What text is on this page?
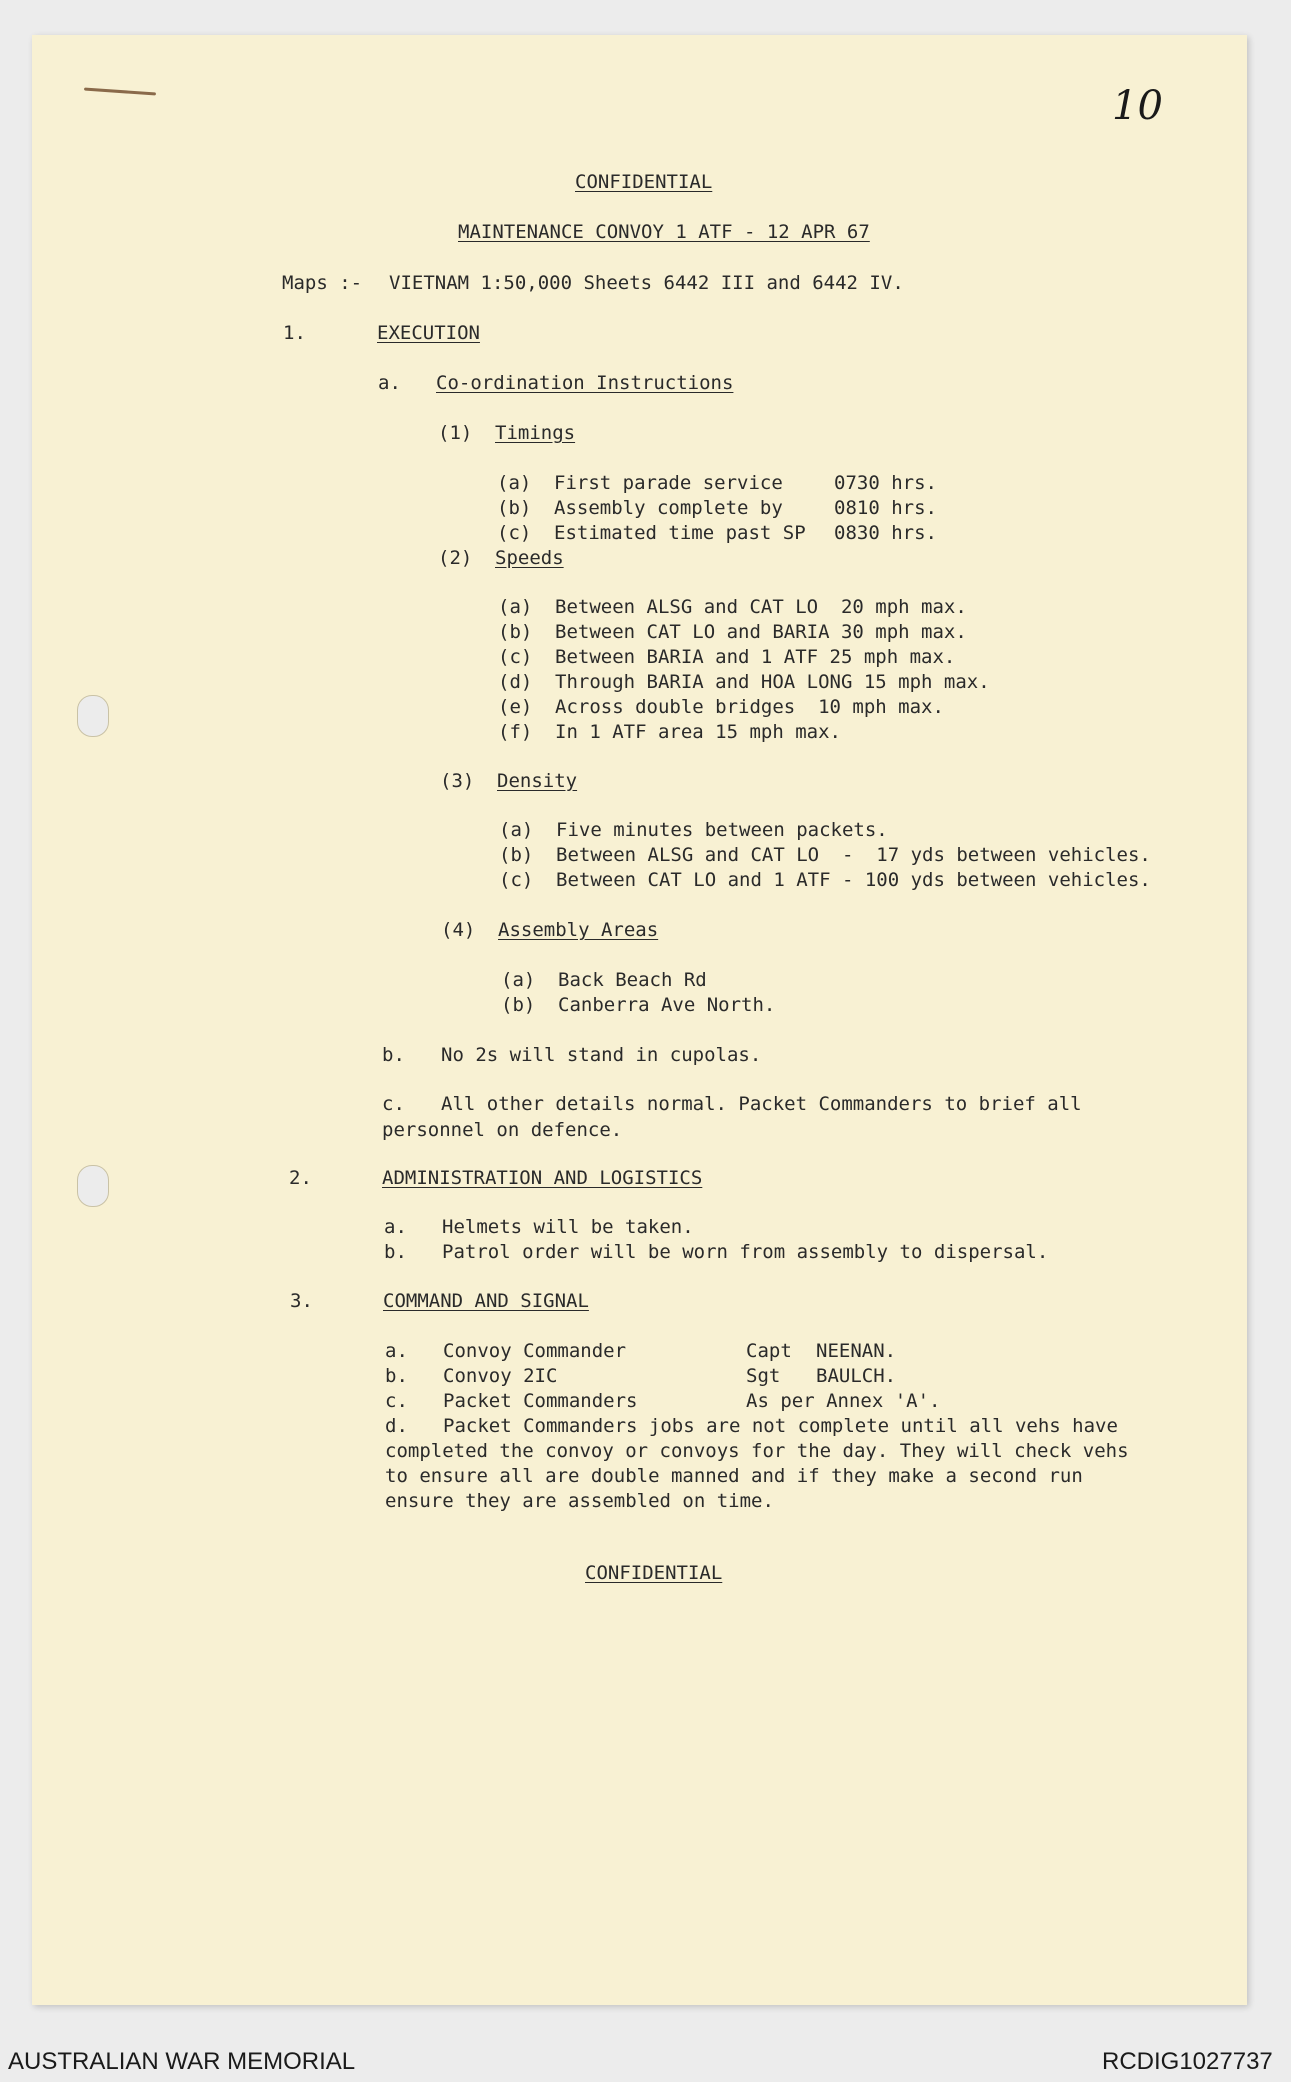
10
CONFIDENTIAL
MAINTENANCE CONVOY 1 ATF - 12 APR 67
Maps :- VIETNAM 1:50,000 Sheets 6442 III and 6442 IV.
1.	EXECUTION
a. Co-ordination Instructions
(1) Timings
(a) First parade service	0730 hrs.
(b) Assembly complete by	0810 hrs.
(c) Estimated time past SP 0830 hrs.
(2) Speeds
(a) Between ALSG and CAT LO  20 mph max.
(b) Between CAT LO and BARIA 30 mph max.
(c) Between BARIA and 1 ATF 25 mph max.
(d) Through BARIA and HOA LONG 15 mph max.
(e) Across double bridges  10 mph max.
(f) In 1 ATF area 15 mph max.
(3) Density
(a) Five minutes between packets.
(b) Between ALSG and CAT LO  -  17 yds between vehicles.
(c) Between CAT LO and 1 ATF - 100 yds between vehicles.
(4) Assembly Areas
(a) Back Beach Rd
(b) Canberra Ave North.
b. No 2s will stand in cupolas.
c. All other details normal. Packet Commanders to brief all
personnel on defence.
2.	ADMINISTRATION AND LOGISTICS
a. Helmets will be taken.
b. Patrol order will be worn from assembly to dispersal.
3.	COMMAND AND SIGNAL
a. Convoy Commander	Capt NEENAN.
b. Convoy 2IC	Sgt BAULCH.
c. Packet Commanders	As per Annex 'A'.
d. Packet Commanders jobs are not complete until all vehs have
completed the convoy or convoys for the day. They will check vehs
to ensure all are double manned and if they make a second run
ensure they are assembled on time.
CONFIDENTIAL
AUSTRALIAN WAR MEMORIAL	RCDIG1027737
